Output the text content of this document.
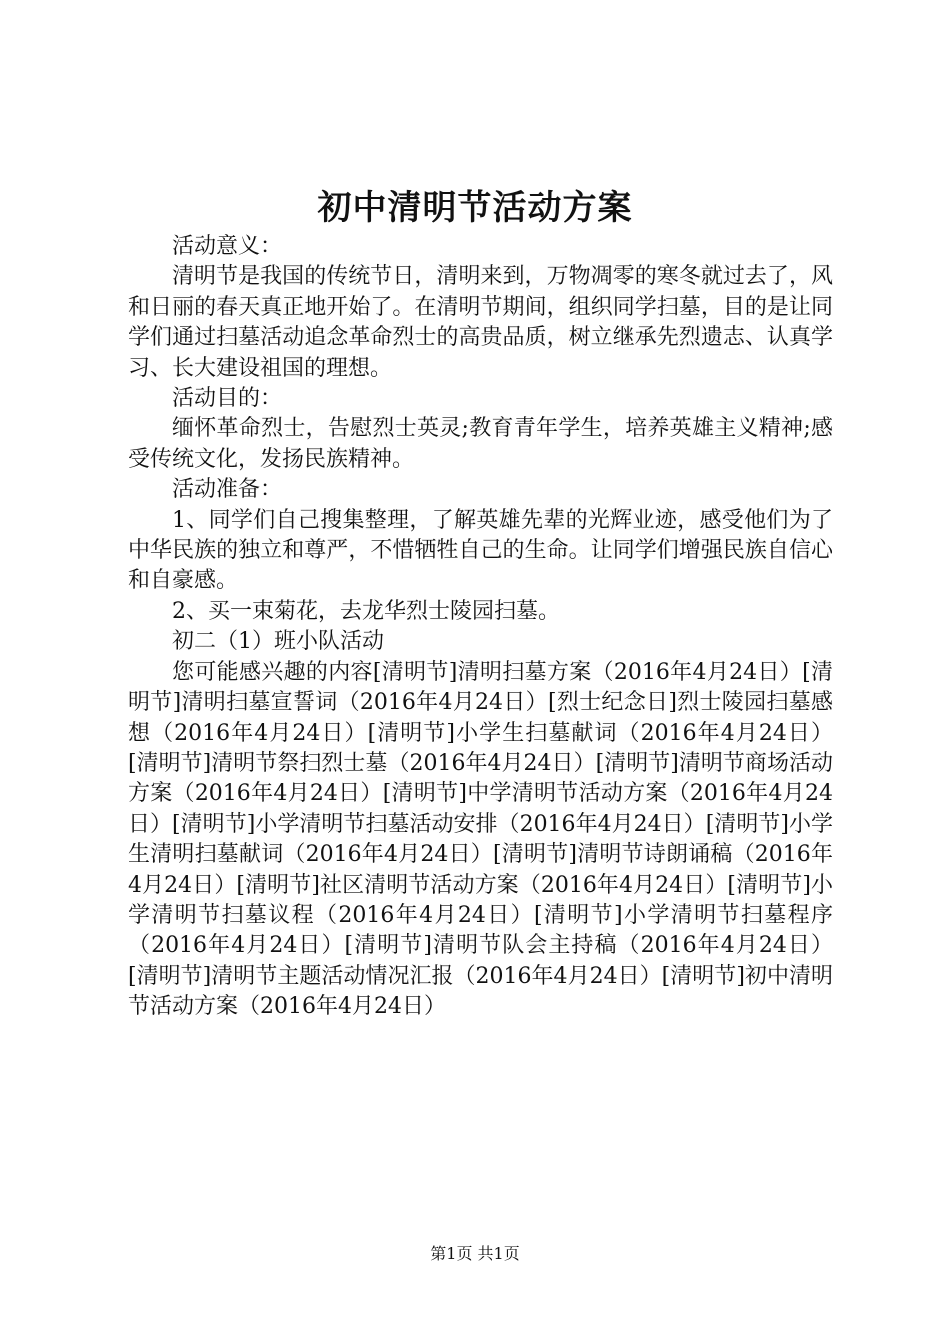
初中清明节活动方案

活动意义：

清明节是我国的传统节日，清明来到，万物凋零的寒冬就过去了，风和日丽的春天真正地开始了。在清明节期间，组织同学扫墓，目的是让同学们通过扫墓活动追念革命烈士的高贵品质，树立继承先烈遗志、认真学习、长大建设祖国的理想。

活动目的：

缅怀革命烈士，告慰烈士英灵;教育青年学生，培养英雄主义精神;感受传统文化，发扬民族精神。

活动准备：

1、同学们自己搜集整理，了解英雄先辈的光辉业迹，感受他们为了中华民族的独立和尊严，不惜牺牲自己的生命。让同学们增强民族自信心和自豪感。

2、买一束菊花，去龙华烈士陵园扫墓。

初二（1）班小队活动

您可能感兴趣的内容[清明节]清明扫墓方案（2016年4月24日）[清明节]清明扫墓宣誓词（2016年4月24日）[烈士纪念日]烈士陵园扫墓感想（2016年4月24日）[清明节]小学生扫墓献词（2016年4月24日）[清明节]清明节祭扫烈士墓（2016年4月24日）[清明节]清明节商场活动方案（2016年4月24日）[清明节]中学清明节活动方案（2016年4月24日）[清明节]小学清明节扫墓活动安排（2016年4月24日）[清明节]小学生清明扫墓献词（2016年4月24日）[清明节]清明节诗朗诵稿（2016年4月24日）[清明节]社区清明节活动方案（2016年4月24日）[清明节]小学清明节扫墓议程（2016年4月24日）[清明节]小学清明节扫墓程序（2016年4月24日）[清明节]清明节队会主持稿（2016年4月24日）[清明节]清明节主题活动情况汇报（2016年4月24日）[清明节]初中清明节活动方案（2016年4月24日）

第1页 共1页
